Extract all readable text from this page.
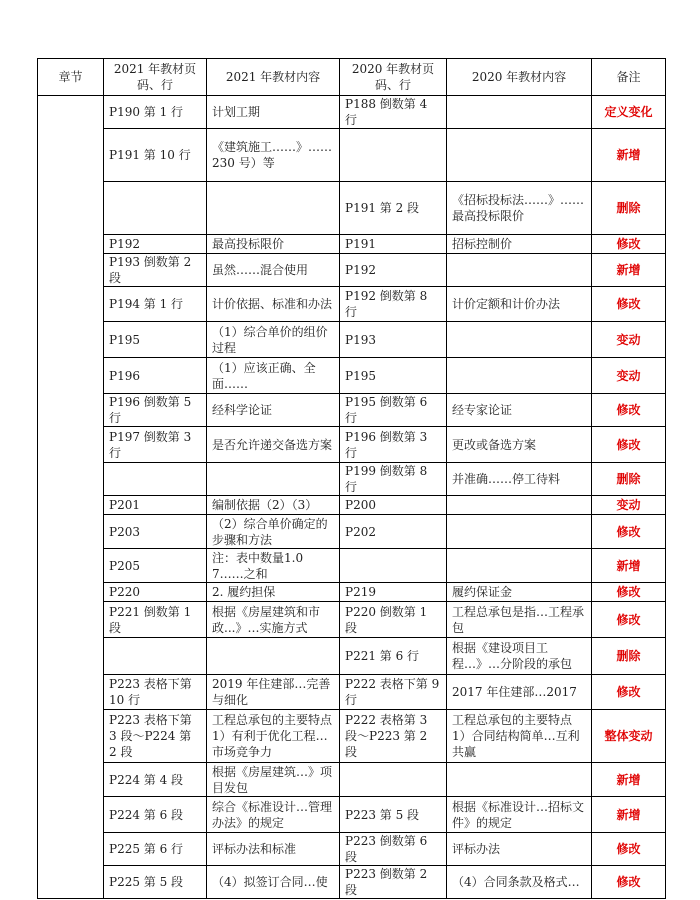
章节	2021 年教材页码、行	2021 年教材内容	2020 年教材页码、行	2020 年教材内容	备注
	P190 第 1 行	计划工期	P188 倒数第 4 行		定义变化
	P191 第 10 行	《建筑施工……》……230 号）等			新增
			P191 第 2 段	《招标投标法……》……最高投标限价	删除
	P192	最高投标限价	P191	招标控制价	修改
	P193 倒数第 2 段	虽然……混合使用	P192		新增
	P194 第 1 行	计价依据、标准和办法	P192 倒数第 8 行	计价定额和计价办法	修改
	P195	（1）综合单价的组价过程	P193		变动
	P196	（1）应该正确、全面……	P195		变动
	P196 倒数第 5 行	经科学论证	P195 倒数第 6 行	经专家论证	修改
	P197 倒数第 3 行	是否允许递交备选方案	P196 倒数第 3 行	更改或备选方案	修改
			P199 倒数第 8 行	并准确……停工待料	删除
	P201	编制依据（2）（3）	P200		变动
	P203	（2）综合单价确定的步骤和方法	P202		修改
	P205	注：表中数量1.07……之和			新增
	P220	2. 履约担保	P219	履约保证金	修改
	P221 倒数第 1 段	根据《房屋建筑和市政...》…实施方式	P220 倒数第 1 段	工程总承包是指…工程承包	修改
			P221 第 6 行	根据《建设项目工程…》…分阶段的承包	删除
	P223 表格下第 10 行	2019 年住建部…完善与细化	P222 表格下第 9 行	2017 年住建部…2017	修改
	P223 表格下第 3 段～P224 第 2 段	工程总承包的主要特点 1）有利于优化工程…市场竞争力	P222 表格第 3 段～P223 第 2 段	工程总承包的主要特点 1）合同结构简单…互利共赢	整体变动
	P224 第 4 段	根据《房屋建筑…》项目发包			新增
	P224 第 6 段	综合《标准设计…管理办法》的规定	P223 第 5 段	根据《标准设计…招标文件》的规定	新增
	P225 第 6 行	评标办法和标准	P223 倒数第 6 段	评标办法	修改
	P225 第 5 段	（4）拟签订合同…使	P223 倒数第 2 段	（4）合同条款及格式…	修改
